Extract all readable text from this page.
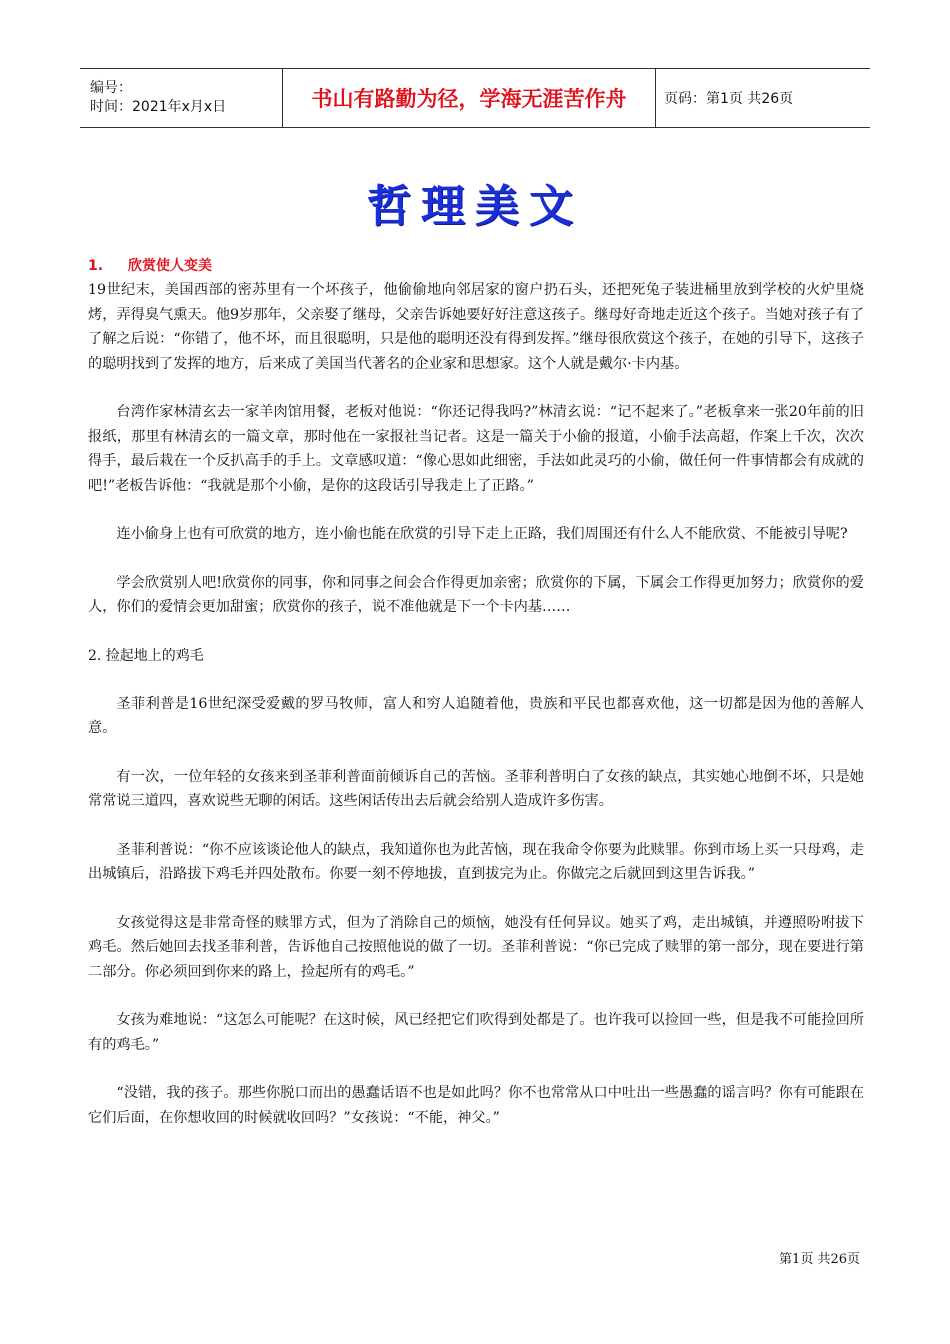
编号：
时间：2021年x月x日	书山有路勤为径，学海无涯苦作舟	页码：第1页 共26页
哲理美文
1. 欣赏使人变美

19世纪末，美国西部的密苏里有一个坏孩子，他偷偷地向邻居家的窗户扔石头，还把死兔子装进桶里放到学校的火炉里烧烤，弄得臭气熏天。他9岁那年，父亲娶了继母，父亲告诉她要好好注意这孩子。继母好奇地走近这个孩子。当她对孩子有了了解之后说：“你错了，他不坏，而且很聪明，只是他的聪明还没有得到发挥。”继母很欣赏这个孩子，在她的引导下，这孩子的聪明找到了发挥的地方，后来成了美国当代著名的企业家和思想家。这个人就是戴尔·卡内基。

台湾作家林清玄去一家羊肉馆用餐，老板对他说：“你还记得我吗?”林清玄说：“记不起来了。”老板拿来一张20年前的旧报纸，那里有林清玄的一篇文章，那时他在一家报社当记者。这是一篇关于小偷的报道，小偷手法高超，作案上千次，次次得手，最后栽在一个反扒高手的手上。文章感叹道：“像心思如此细密，手法如此灵巧的小偷，做任何一件事情都会有成就的吧!”老板告诉他：“我就是那个小偷，是你的这段话引导我走上了正路。”

连小偷身上也有可欣赏的地方，连小偷也能在欣赏的引导下走上正路，我们周围还有什么人不能欣赏、不能被引导呢?

学会欣赏别人吧!欣赏你的同事，你和同事之间会合作得更加亲密；欣赏你的下属，下属会工作得更加努力；欣赏你的爱人，你们的爱情会更加甜蜜；欣赏你的孩子，说不准他就是下一个卡内基……

2. 捡起地上的鸡毛

圣菲利普是16世纪深受爱戴的罗马牧师，富人和穷人追随着他，贵族和平民也都喜欢他，这一切都是因为他的善解人意。

有一次，一位年轻的女孩来到圣菲利普面前倾诉自己的苦恼。圣菲利普明白了女孩的缺点，其实她心地倒不坏，只是她常常说三道四，喜欢说些无聊的闲话。这些闲话传出去后就会给别人造成许多伤害。

圣菲利普说：“你不应该谈论他人的缺点，我知道你也为此苦恼，现在我命令你要为此赎罪。你到市场上买一只母鸡，走出城镇后，沿路拔下鸡毛并四处散布。你要一刻不停地拔，直到拔完为止。你做完之后就回到这里告诉我。”

女孩觉得这是非常奇怪的赎罪方式，但为了消除自己的烦恼，她没有任何异议。她买了鸡，走出城镇，并遵照吩咐拔下鸡毛。然后她回去找圣菲利普，告诉他自己按照他说的做了一切。圣菲利普说：“你已完成了赎罪的第一部分，现在要进行第二部分。你必须回到你来的路上，捡起所有的鸡毛。”

女孩为难地说：“这怎么可能呢？在这时候，风已经把它们吹得到处都是了。也许我可以捡回一些，但是我不可能捡回所有的鸡毛。”

“没错，我的孩子。那些你脱口而出的愚蠢话语不也是如此吗？你不也常常从口中吐出一些愚蠢的谣言吗？你有可能跟在它们后面，在你想收回的时候就收回吗？”女孩说：“不能，神父。”

第1页 共26页
